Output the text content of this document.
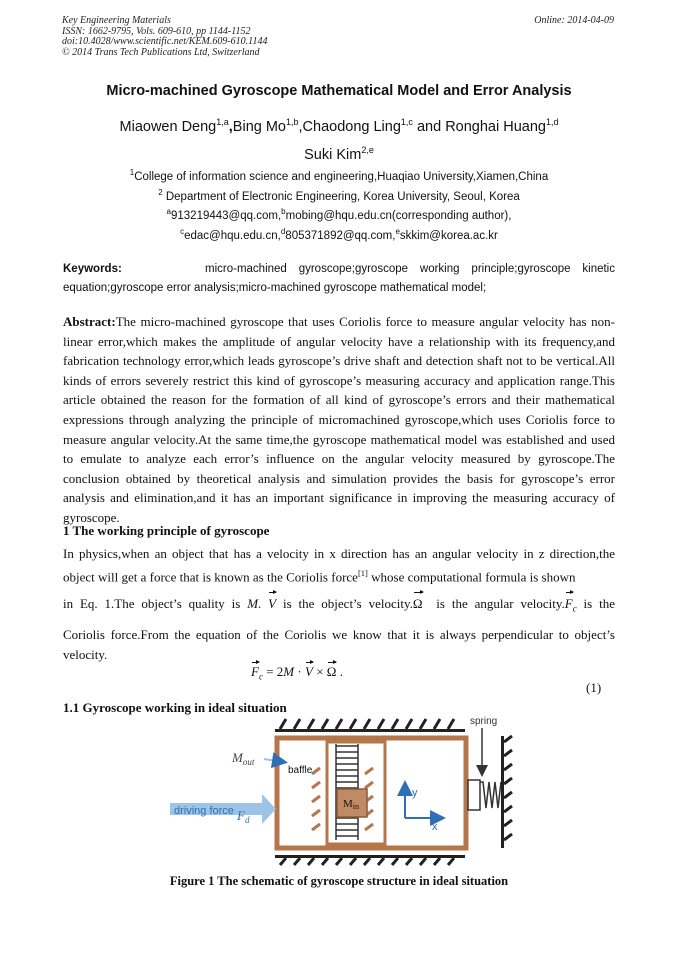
Key Engineering Materials
ISSN: 1662-9795, Vols. 609-610, pp 1144-1152
doi:10.4028/www.scientific.net/KEM.609-610.1144
© 2014 Trans Tech Publications Ltd, Switzerland
Online: 2014-04-09
Micro-machined Gyroscope Mathematical Model and Error Analysis
Miaowen Deng$^{1,a}$,Bing Mo$^{1,b}$,Chaodong Ling$^{1,c}$ and Ronghai Huang$^{1,d}$
Suki Kim$^{2,e}$
$^1$College of information science and engineering,Huaqiao University,Xiamen,China
$^2$ Department of Electronic Engineering, Korea University, Seoul, Korea
$^a$913219443@qq.com,$^b$mobing@hqu.edu.cn(corresponding author),
$^c$edac@hqu.edu.cn,$^d$805371892@qq.com,$^e$skkim@korea.ac.kr
Keywords:	micro-machined gyroscope;gyroscope working principle;gyroscope kinetic
equation;gyroscope error analysis;micro-machined gyroscope mathematical model;
Abstract:The micro-machined gyroscope that uses Coriolis force to measure angular velocity has non-linear error,which makes the amplitude of angular velocity have a relationship with its frequency,and fabrication technology error,which leads gyroscope’s drive shaft and detection shaft not to be vertical.All kinds of errors severely restrict this kind of gyroscope’s measuring accuracy and application range.This article obtained the reason for the formation of all kind of gyroscope’s errors and their mathematical expressions through analyzing the principle of micromachined gyroscope,which uses Coriolis force to measure angular velocity.At the same time,the gyroscope mathematical model was established and used to emulate to analyze each error’s influence on the angular velocity measured by gyroscope.The conclusion obtained by theoretical analysis and simulation provides the basis for gyroscope’s error analysis and elimination,and it has an important significance in improving the measuring accuracy of gyroscope.
1 The working principle of gyroscope
In physics,when an object that has a velocity in x direction has an angular velocity in z direction,the object will get a force that is known as the Coriolis force[1] whose computational formula is shown
in Eq. 1.The object’s quality is M. V is the object’s velocity.Ω  is the angular $velocity.F_c$ is the
Coriolis force.From the equation of the Coriolis we know that it is always perpendicular to object’s velocity.
$F_c = 2M \cdot V \times \Omega$ .
(1)
1.1 Gyroscope working in ideal situation
Min
y
x
spring
$M_{out}$
baffle
driving force $F_d$
Figure 1 The schematic of gyroscope structure in ideal situation
